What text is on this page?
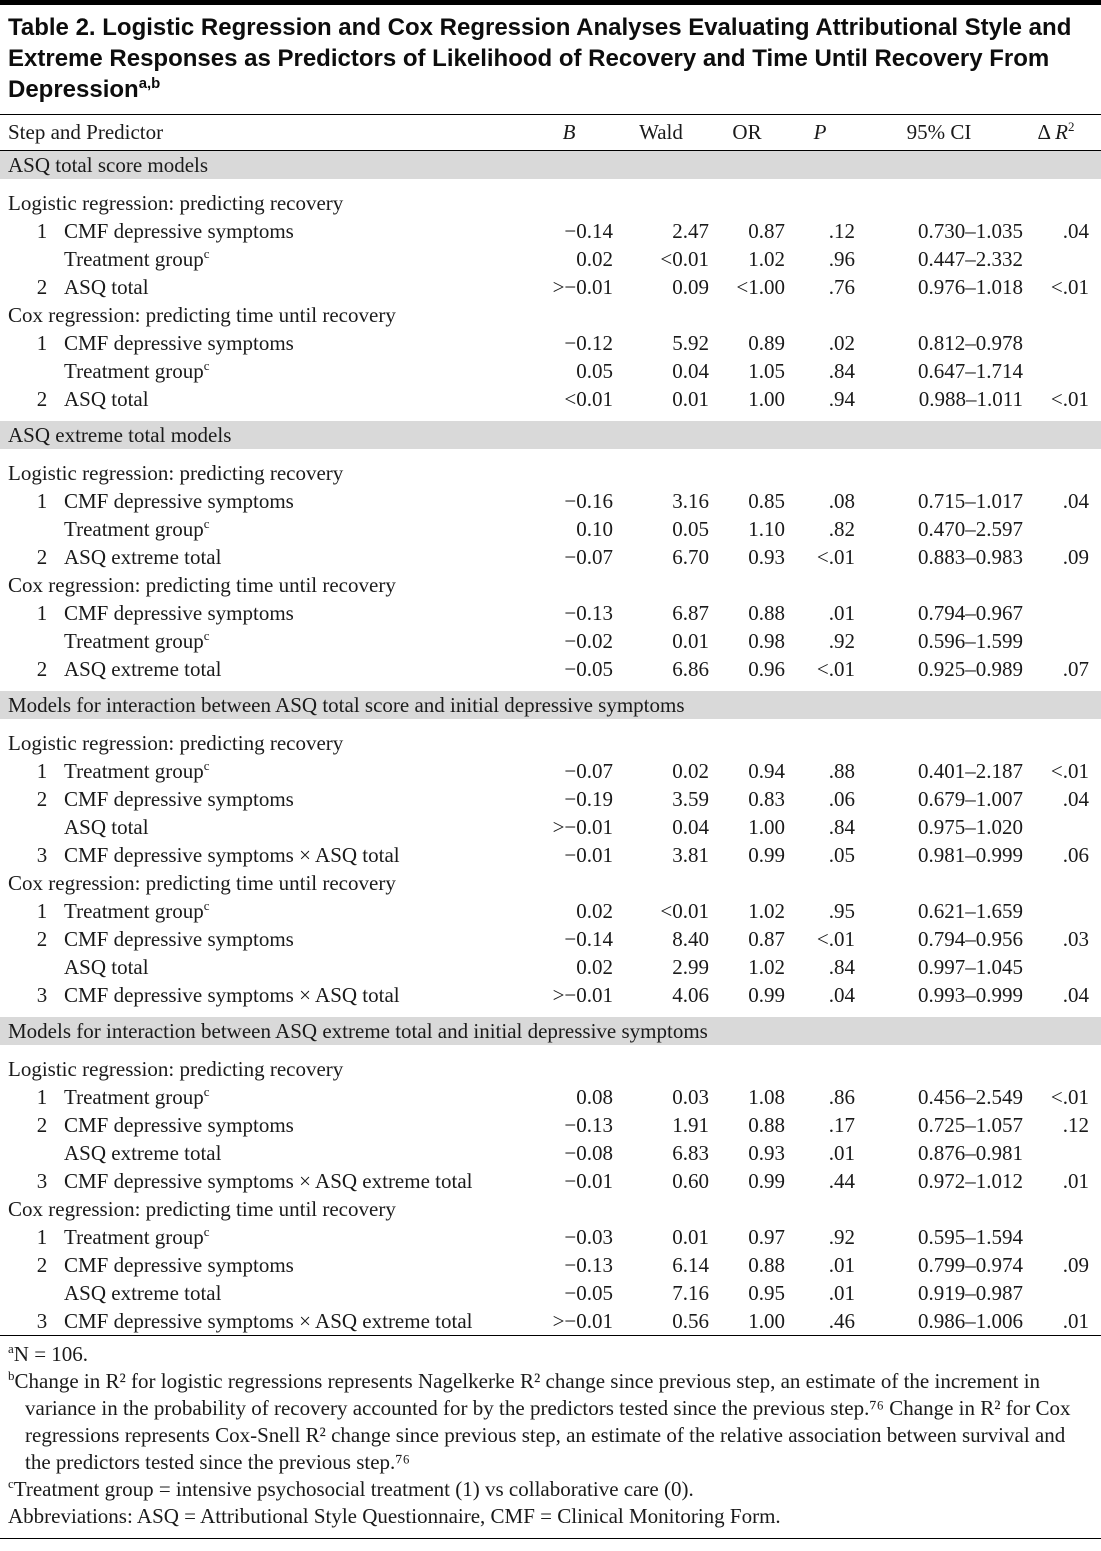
Table 2. Logistic Regression and Cox Regression Analyses Evaluating Attributional Style and Extreme Responses as Predictors of Likelihood of Recovery and Time Until Recovery From Depression$^{a,b}$
Step and Predictor	B	Wald	OR	P	95% CI	Δ $R^2$
ASQ total score models
Logistic regression: predicting recovery
1 CMF depressive symptoms	−0.14	2.47	0.87	.12	0.730–1.035	.04
Treatment group$^c$	0.02	<0.01	1.02	.96	0.447–2.332
2 ASQ total	>−0.01	0.09	<1.00	.76	0.976–1.018	<.01
Cox regression: predicting time until recovery
1 CMF depressive symptoms	−0.12	5.92	0.89	.02	0.812–0.978
Treatment group$^c$	0.05	0.04	1.05	.84	0.647–1.714
2 ASQ total	<0.01	0.01	1.00	.94	0.988–1.011	<.01
ASQ extreme total models
Logistic regression: predicting recovery
1 CMF depressive symptoms	−0.16	3.16	0.85	.08	0.715–1.017	.04
Treatment group$^c$	0.10	0.05	1.10	.82	0.470–2.597
2 ASQ extreme total	−0.07	6.70	0.93	<.01	0.883–0.983	.09
Cox regression: predicting time until recovery
1 CMF depressive symptoms	−0.13	6.87	0.88	.01	0.794–0.967
Treatment group$^c$	−0.02	0.01	0.98	.92	0.596–1.599
2 ASQ extreme total	−0.05	6.86	0.96	<.01	0.925–0.989	.07
Models for interaction between ASQ total score and initial depressive symptoms
Logistic regression: predicting recovery
1 Treatment group$^c$	−0.07	0.02	0.94	.88	0.401–2.187	<.01
2 CMF depressive symptoms	−0.19	3.59	0.83	.06	0.679–1.007	.04
ASQ total	>−0.01	0.04	1.00	.84	0.975–1.020
3 CMF depressive symptoms × ASQ total	−0.01	3.81	0.99	.05	0.981–0.999	.06
Cox regression: predicting time until recovery
1 Treatment group$^c$	0.02	<0.01	1.02	.95	0.621–1.659
2 CMF depressive symptoms	−0.14	8.40	0.87	<.01	0.794–0.956	.03
ASQ total	0.02	2.99	1.02	.84	0.997–1.045
3 CMF depressive symptoms × ASQ total	>−0.01	4.06	0.99	.04	0.993–0.999	.04
Models for interaction between ASQ extreme total and initial depressive symptoms
Logistic regression: predicting recovery
1 Treatment group$^c$	0.08	0.03	1.08	.86	0.456–2.549	<.01
2 CMF depressive symptoms	−0.13	1.91	0.88	.17	0.725–1.057	.12
ASQ extreme total	−0.08	6.83	0.93	.01	0.876–0.981
3 CMF depressive symptoms × ASQ extreme total	−0.01	0.60	0.99	.44	0.972–1.012	.01
Cox regression: predicting time until recovery
1 Treatment group$^c$	−0.03	0.01	0.97	.92	0.595–1.594
2 CMF depressive symptoms	−0.13	6.14	0.88	.01	0.799–0.974	.09
ASQ extreme total	−0.05	7.16	0.95	.01	0.919–0.987
3 CMF depressive symptoms × ASQ extreme total	>−0.01	0.56	1.00	.46	0.986–1.006	.01
$^a$N = 106.
$^b$Change in R² for logistic regressions represents Nagelkerke R² change since previous step, an estimate of the increment in variance in the probability of recovery accounted for by the predictors tested since the previous step.⁷⁶ Change in R² for Cox regressions represents Cox-Snell R² change since previous step, an estimate of the relative association between survival and the predictors tested since the previous step.⁷⁶
$^c$Treatment group = intensive psychosocial treatment (1) vs collaborative care (0).
Abbreviations: ASQ = Attributional Style Questionnaire, CMF = Clinical Monitoring Form.
